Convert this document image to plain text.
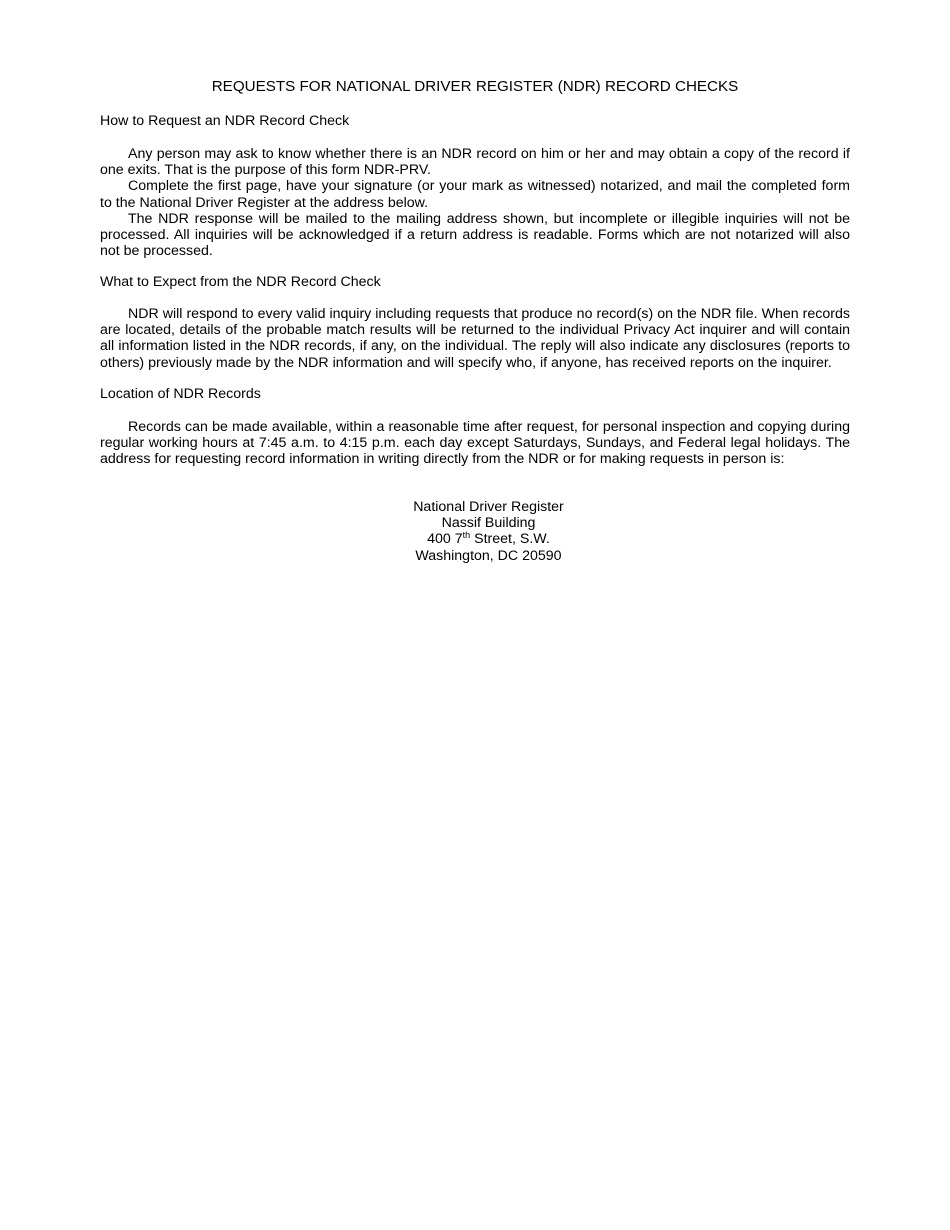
REQUESTS FOR NATIONAL DRIVER REGISTER (NDR) RECORD CHECKS
How to Request an NDR Record Check

Any person may ask to know whether there is an NDR record on him or her and may obtain a copy of the record if one exits. That is the purpose of this form NDR-PRV.

Complete the first page, have your signature (or your mark as witnessed) notarized, and mail the completed form to the National Driver Register at the address below.

The NDR response will be mailed to the mailing address shown, but incomplete or illegible inquiries will not be processed. All inquiries will be acknowledged if a return address is readable. Forms which are not notarized will also not be processed.

What to Expect from the NDR Record Check

NDR will respond to every valid inquiry including requests that produce no record(s) on the NDR file. When records are located, details of the probable match results will be returned to the individual Privacy Act inquirer and will contain all information listed in the NDR records, if any, on the individual. The reply will also indicate any disclosures (reports to others) previously made by the NDR information and will specify who, if anyone, has received reports on the inquirer.

Location of NDR Records

Records can be made available, within a reasonable time after request, for personal inspection and copying during regular working hours at 7:45 a.m. to 4:15 p.m. each day except Saturdays, Sundays, and Federal legal holidays. The address for requesting record information in writing directly from the NDR or for making requests in person is:

National Driver Register
Nassif Building
400 7th Street, S.W.
Washington, DC 20590
